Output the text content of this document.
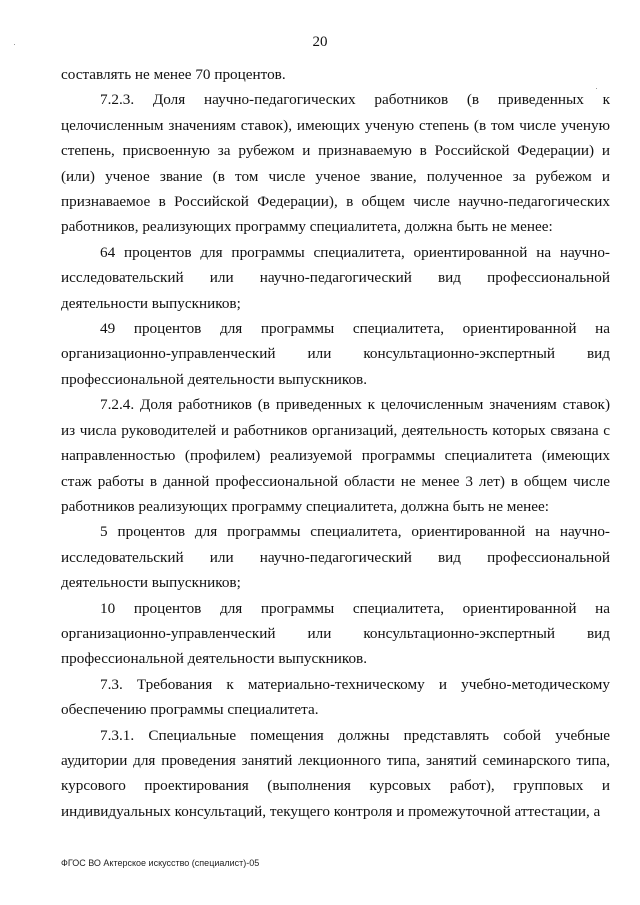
20

составлять не менее 70 процентов.

7.2.3. Доля научно-педагогических работников (в приведенных к целочисленным значениям ставок), имеющих ученую степень (в том числе ученую степень, присвоенную за рубежом и признаваемую в Российской Федерации) и (или) ученое звание (в том числе ученое звание, полученное за рубежом и признаваемое в Российской Федерации), в общем числе научно-педагогических работников, реализующих программу специалитета, должна быть не менее:

64 процентов для программы специалитета, ориентированной на научно-исследовательский или научно-педагогический вид профессиональной деятельности выпускников;

49 процентов для программы специалитета, ориентированной на организационно-управленческий или консультационно-экспертный вид профессиональной деятельности выпускников.

7.2.4. Доля работников (в приведенных к целочисленным значениям ставок) из числа руководителей и работников организаций, деятельность которых связана с направленностью (профилем) реализуемой программы специалитета (имеющих стаж работы в данной профессиональной области не менее 3 лет) в общем числе работников реализующих программу специалитета, должна быть не менее:

5 процентов для программы специалитета, ориентированной на научно-исследовательский или научно-педагогический вид профессиональной деятельности выпускников;

10 процентов для программы специалитета, ориентированной на организационно-управленческий или консультационно-экспертный вид профессиональной деятельности выпускников.

7.3. Требования к материально-техническому и учебно-методическому обеспечению программы специалитета.

7.3.1. Специальные помещения должны представлять собой учебные аудитории для проведения занятий лекционного типа, занятий семинарского типа, курсового проектирования (выполнения курсовых работ), групповых и индивидуальных консультаций, текущего контроля и промежуточной аттестации, а

ФГОС ВО Актерское искусство (специалист)-05
